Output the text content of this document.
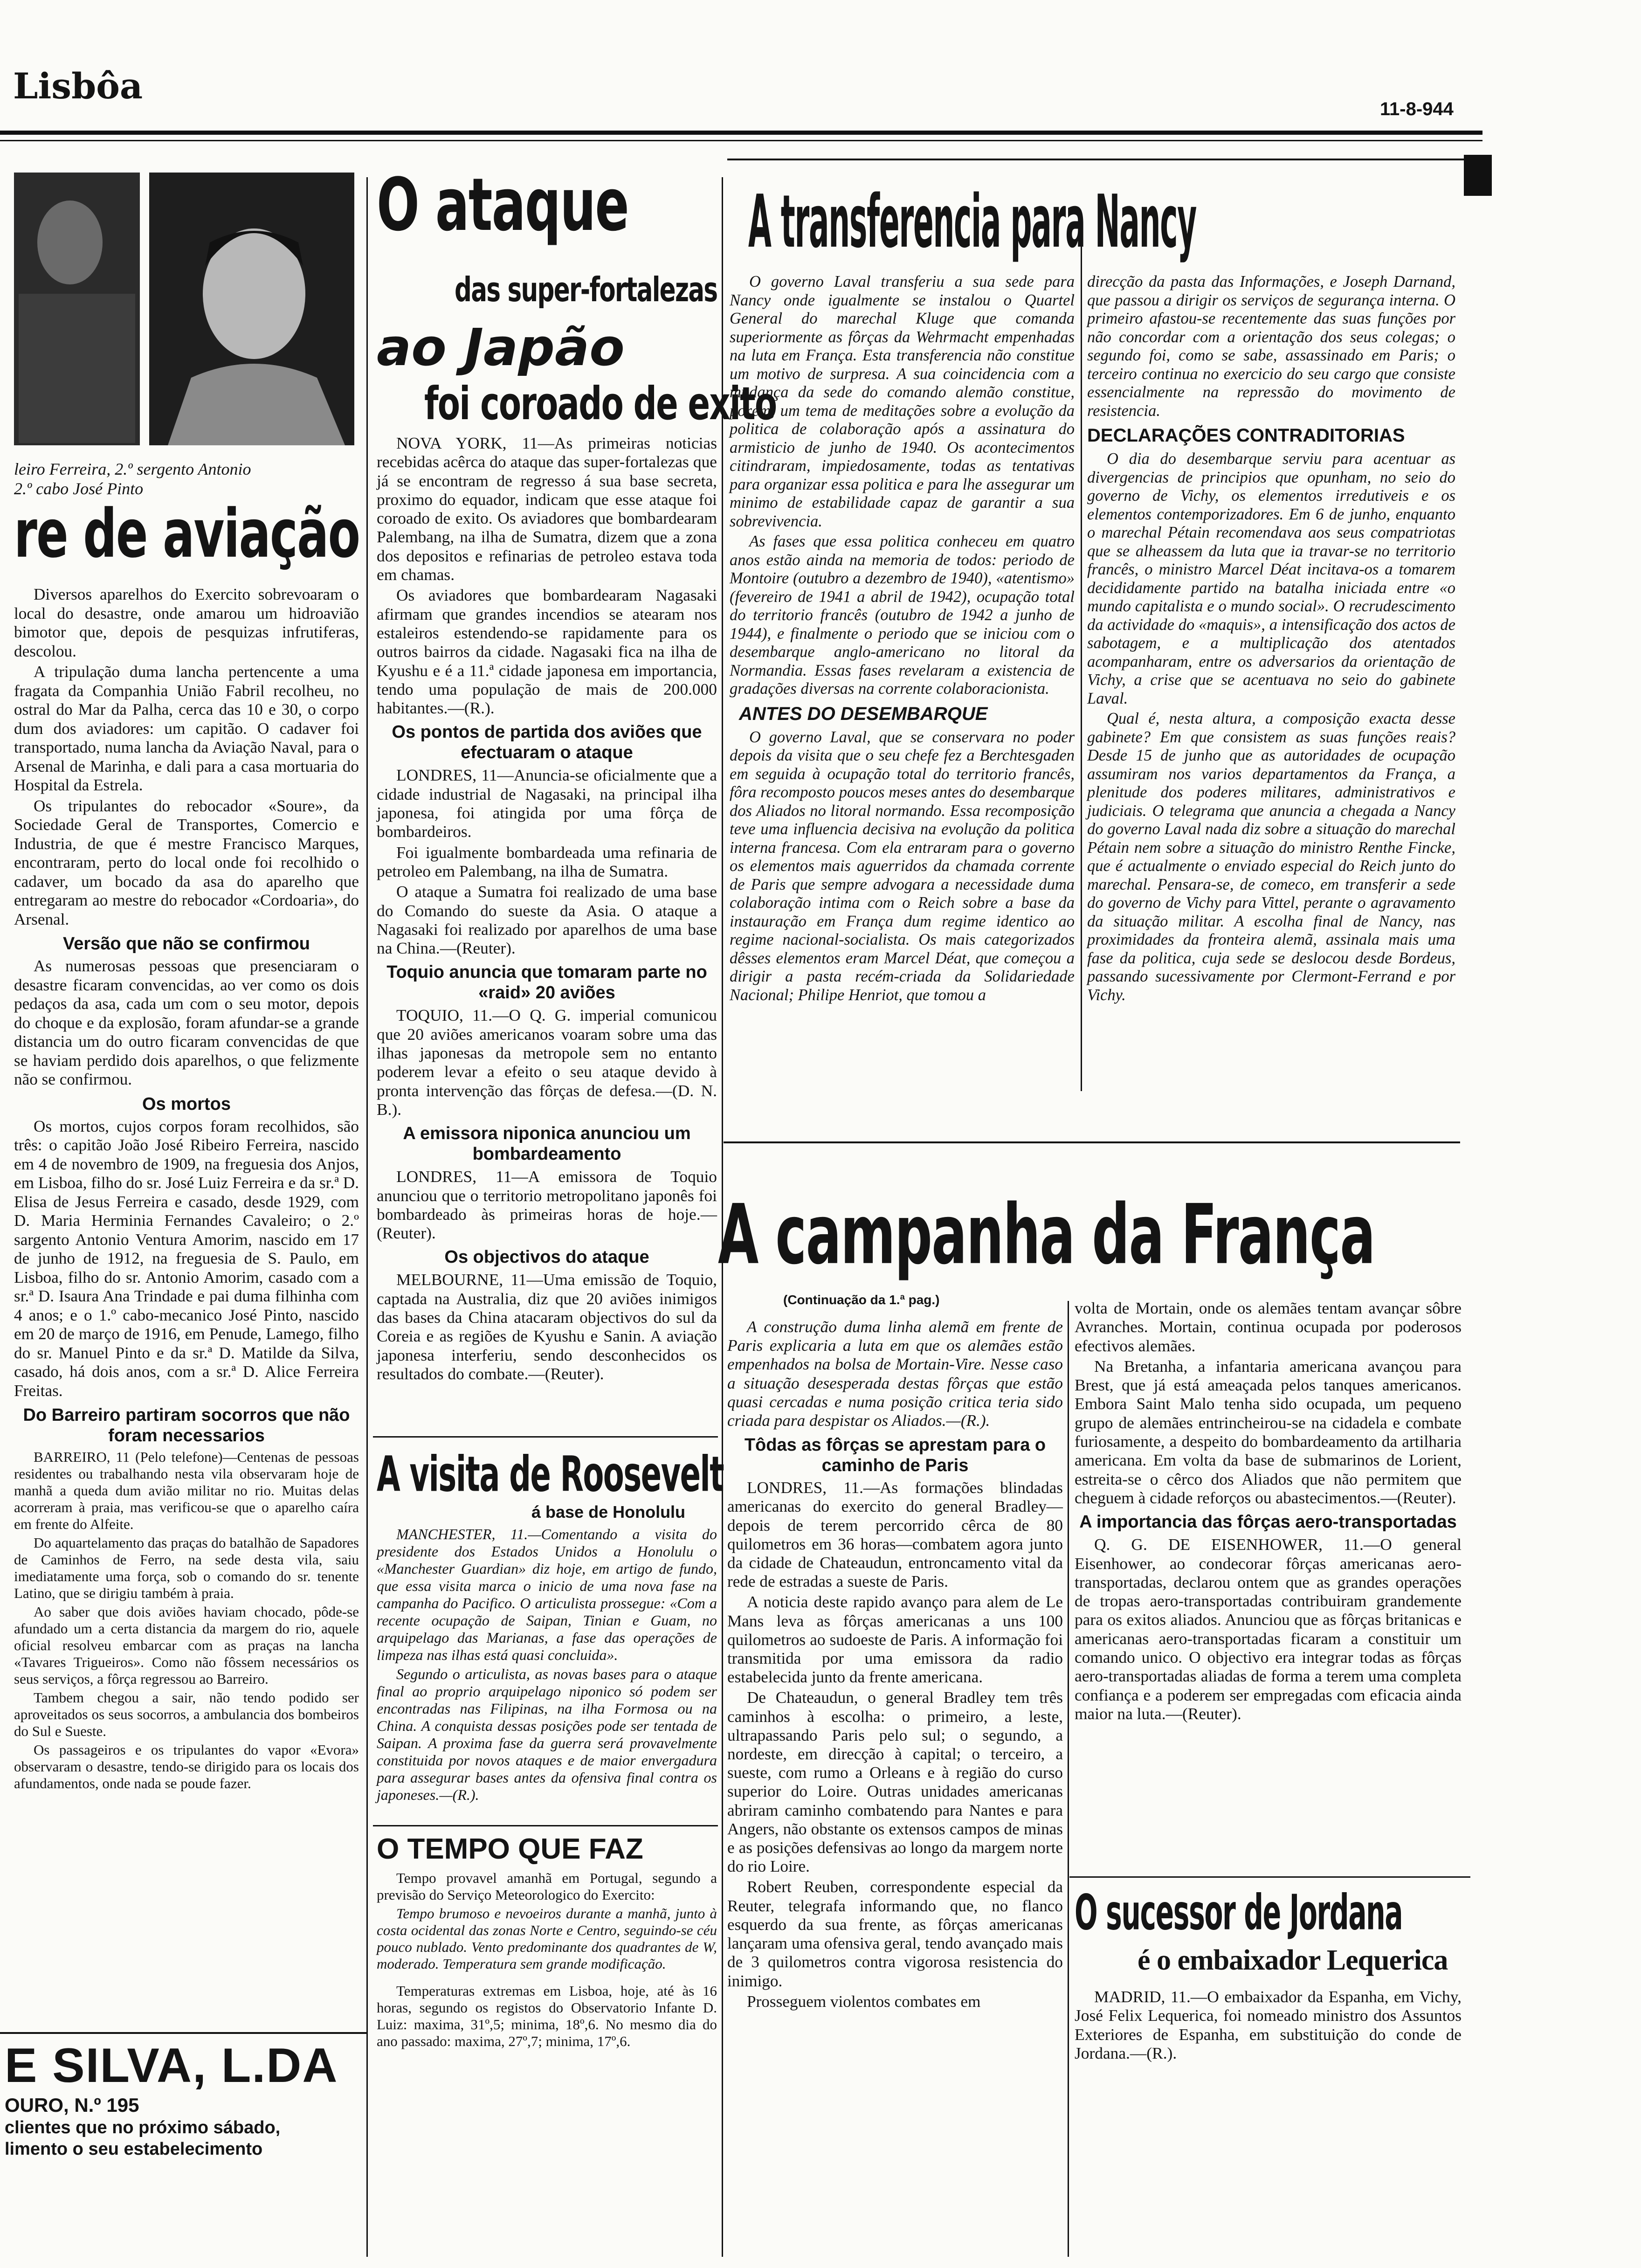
Lisbôa
11-8-944
leiro Ferreira, 2.º sergento Antonio
2.º cabo José Pinto
re de aviação

Diversos aparelhos do Exercito sobrevoaram o local do desastre, onde amarou um hidroavião bimotor que, depois de pesquizas infrutiferas, descolou.

A tripulação duma lancha pertencente a uma fragata da Companhia União Fabril recolheu, no ostral do Mar da Palha, cerca das 10 e 30, o corpo dum dos aviadores: um capitão. O cadaver foi transportado, numa lancha da Aviação Naval, para o Arsenal de Marinha, e dali para a casa mortuaria do Hospital da Estrela.

Os tripulantes do rebocador «Soure», da Sociedade Geral de Transportes, Comercio e Industria, de que é mestre Francisco Marques, encontraram, perto do local onde foi recolhido o cadaver, um bocado da asa do aparelho que entregaram ao mestre do rebocador «Cordoaria», do Arsenal.

Versão que não se confirmou

As numerosas pessoas que presenciaram o desastre ficaram convencidas, ao ver como os dois pedaços da asa, cada um com o seu motor, depois do choque e da explosão, foram afundar-se a grande distancia um do outro ficaram convencidas de que se haviam perdido dois aparelhos, o que felizmente não se confirmou.

Os mortos

Os mortos, cujos corpos foram recolhidos, são três: o capitão João José Ribeiro Ferreira, nascido em 4 de novembro de 1909, na freguesia dos Anjos, em Lisboa, filho do sr. José Luiz Ferreira e da sr.ª D. Elisa de Jesus Ferreira e casado, desde 1929, com D. Maria Herminia Fernandes Cavaleiro; o 2.º sargento Antonio Ventura Amorim, nascido em 17 de junho de 1912, na freguesia de S. Paulo, em Lisboa, filho do sr. Antonio Amorim, casado com a sr.ª D. Isaura Ana Trindade e pai duma filhinha com 4 anos; e o 1.º cabo-mecanico José Pinto, nascido em 20 de março de 1916, em Penude, Lamego, filho do sr. Manuel Pinto e da sr.ª D. Matilde da Silva, casado, há dois anos, com a sr.ª D. Alice Ferreira Freitas.

Do Barreiro partiram socorros que não foram necessarios

BARREIRO, 11 (Pelo telefone)—Centenas de pessoas residentes ou trabalhando nesta vila observaram hoje de manhã a queda dum avião militar no rio. Muitas delas acorreram à praia, mas verificou-se que o aparelho caíra em frente do Alfeite.

Do aquartelamento das praças do batalhão de Sapadores de Caminhos de Ferro, na sede desta vila, saiu imediatamente uma força, sob o comando do sr. tenente Latino, que se dirigiu também à praia.

Ao saber que dois aviões haviam chocado, pôde-se afundado um a certa distancia da margem do rio, aquele oficial resolveu embarcar com as praças na lancha «Tavares Trigueiros». Como não fôssem necessários os seus serviços, a fôrça regressou ao Barreiro.

Tambem chegou a sair, não tendo podido ser aproveitados os seus socorros, a ambulancia dos bombeiros do Sul e Sueste.

Os passageiros e os tripulantes do vapor «Evora» observaram o desastre, tendo-se dirigido para os locais dos afundamentos, onde nada se poude fazer.

E SILVA, L.DA
OURO, N.º 195
clientes que no próximo sábado,
limento o seu estabelecimento
O ataque
das super-fortalezas
ao Japão
foi coroado de exito

NOVA YORK, 11—As primeiras noticias recebidas acêrca do ataque das super-fortalezas que já se encontram de regresso á sua base secreta, proximo do equador, indicam que esse ataque foi coroado de exito. Os aviadores que bombardearam Palembang, na ilha de Sumatra, dizem que a zona dos depositos e refinarias de petroleo estava toda em chamas.

Os aviadores que bombardearam Nagasaki afirmam que grandes incendios se atearam nos estaleiros estendendo-se rapidamente para os outros bairros da cidade. Nagasaki fica na ilha de Kyushu e é a 11.ª cidade japonesa em importancia, tendo uma população de mais de 200.000 habitantes.—(R.).

Os pontos de partida dos aviões que efectuaram o ataque

LONDRES, 11—Anuncia-se oficialmente que a cidade industrial de Nagasaki, na principal ilha japonesa, foi atingida por uma fôrça de bombardeiros.

Foi igualmente bombardeada uma refinaria de petroleo em Palembang, na ilha de Sumatra.

O ataque a Sumatra foi realizado de uma base do Comando do sueste da Asia. O ataque a Nagasaki foi realizado por aparelhos de uma base na China.—(Reuter).

Toquio anuncia que tomaram parte no «raid» 20 aviões

TOQUIO, 11.—O Q. G. imperial comunicou que 20 aviões americanos voaram sobre uma das ilhas japonesas da metropole sem no entanto poderem levar a efeito o seu ataque devido à pronta intervenção das fôrças de defesa.—(D. N. B.).

A emissora niponica anunciou um bombardeamento

LONDRES, 11—A emissora de Toquio anunciou que o territorio metropolitano japonês foi bombardeado às primeiras horas de hoje.—(Reuter).

Os objectivos do ataque

MELBOURNE, 11—Uma emissão de Toquio, captada na Australia, diz que 20 aviões inimigos das bases da China atacaram objectivos do sul da Coreia e as regiões de Kyushu e Sanin. A aviação japonesa interferiu, sendo desconhecidos os resultados do combate.—(Reuter).

A visita de Roosevelt
á base de Honolulu

MANCHESTER, 11.—Comentando a visita do presidente dos Estados Unidos a Honolulu o «Manchester Guardian» diz hoje, em artigo de fundo, que essa visita marca o inicio de uma nova fase na campanha do Pacifico. O articulista prossegue: «Com a recente ocupação de Saipan, Tinian e Guam, no arquipelago das Marianas, a fase das operações de limpeza nas ilhas está quasi concluida».

Segundo o articulista, as novas bases para o ataque final ao proprio arquipelago niponico só podem ser encontradas nas Filipinas, na ilha Formosa ou na China. A conquista dessas posições pode ser tentada de Saipan. A proxima fase da guerra será provavelmente constituida por novos ataques e de maior envergadura para assegurar bases antes da ofensiva final contra os japoneses.—(R.).

O TEMPO QUE FAZ

Tempo provavel amanhã em Portugal, segundo a previsão do Serviço Meteorologico do Exercito:

Tempo brumoso e nevoeiros durante a manhã, junto à costa ocidental das zonas Norte e Centro, seguindo-se céu pouco nublado. Vento predominante dos quadrantes de W, moderado. Temperatura sem grande modificação.

Temperaturas extremas em Lisboa, hoje, até às 16 horas, segundo os registos do Observatorio Infante D. Luiz: maxima, 31º,5; minima, 18º,6. No mesmo dia do ano passado: maxima, 27º,7; minima, 17º,6.

A transferencia para Nancy

O governo Laval transferiu a sua sede para Nancy onde igualmente se instalou o Quartel General do marechal Kluge que comanda superiormente as fôrças da Wehrmacht empenhadas na luta em França. Esta transferencia não constitue um motivo de surpresa. A sua coincidencia com a mudança da sede do comando alemão constitue, porém, um tema de meditações sobre a evolução da politica de colaboração após a assinatura do armisticio de junho de 1940. Os acontecimentos citindraram, impiedosamente, todas as tentativas para organizar essa politica e para lhe assegurar um minimo de estabilidade capaz de garantir a sua sobrevivencia.

As fases que essa politica conheceu em quatro anos estão ainda na memoria de todos: periodo de Montoire (outubro a dezembro de 1940), «atentismo» (fevereiro de 1941 a abril de 1942), ocupação total do territorio francês (outubro de 1942 a junho de 1944), e finalmente o periodo que se iniciou com o desembarque anglo-americano no litoral da Normandia. Essas fases revelaram a existencia de gradações diversas na corrente colaboracionista.

ANTES DO DESEMBARQUE

O governo Laval, que se conservara no poder depois da visita que o seu chefe fez a Berchtesgaden em seguida à ocupação total do territorio francês, fôra recomposto poucos meses antes do desembarque dos Aliados no litoral normando. Essa recomposição teve uma influencia decisiva na evolução da politica interna francesa. Com ela entraram para o governo os elementos mais aguerridos da chamada corrente de Paris que sempre advogara a necessidade duma colaboração intima com o Reich sobre a base da instauração em França dum regime identico ao regime nacional-socialista. Os mais categorizados dêsses elementos eram Marcel Déat, que começou a dirigir a pasta recém-criada da Solidariedade Nacional; Philipe Henriot, que tomou a

direcção da pasta das Informações, e Joseph Darnand, que passou a dirigir os serviços de segurança interna. O primeiro afastou-se recentemente das suas funções por não concordar com a orientação dos seus colegas; o segundo foi, como se sabe, assassinado em Paris; o terceiro continua no exercicio do seu cargo que consiste essencialmente na repressão do movimento de resistencia.

DECLARAÇÕES CONTRADITORIAS

O dia do desembarque serviu para acentuar as divergencias de principios que opunham, no seio do governo de Vichy, os elementos irredutiveis e os elementos contemporizadores. Em 6 de junho, enquanto o marechal Pétain recomendava aos seus compatriotas que se alheassem da luta que ia travar-se no territorio francês, o ministro Marcel Déat incitava-os a tomarem decididamente partido na batalha iniciada entre «o mundo capitalista e o mundo social». O recrudescimento da actividade do «maquis», a intensificação dos actos de sabotagem, e a multiplicação dos atentados acompanharam, entre os adversarios da orientação de Vichy, a crise que se acentuava no seio do gabinete Laval.

Qual é, nesta altura, a composição exacta desse gabinete? Em que consistem as suas funções reais? Desde 15 de junho que as autoridades de ocupação assumiram nos varios departamentos da França, a plenitude dos poderes militares, administrativos e judiciais. O telegrama que anuncia a chegada a Nancy do governo Laval nada diz sobre a situação do marechal Pétain nem sobre a situação do ministro Renthe Fincke, que é actualmente o enviado especial do Reich junto do marechal. Pensara-se, de comeco, em transferir a sede do governo de Vichy para Vittel, perante o agravamento da situação militar. A escolha final de Nancy, nas proximidades da fronteira alemã, assinala mais uma fase da politica, cuja sede se deslocou desde Bordeus, passando sucessivamente por Clermont-Ferrand e por Vichy.

A campanha da França
(Continuação da 1.ª pag.)

A construção duma linha alemã em frente de Paris explicaria a luta em que os alemães estão empenhados na bolsa de Mortain-Vire. Nesse caso a situação desesperada destas fôrças que estão quasi cercadas e numa posição critica teria sido criada para despistar os Aliados.—(R.).

Tôdas as fôrças se aprestam para o caminho de Paris

LONDRES, 11.—As formações blindadas americanas do exercito do general Bradley—depois de terem percorrido cêrca de 80 quilometros em 36 horas—combatem agora junto da cidade de Chateaudun, entroncamento vital da rede de estradas a sueste de Paris.

A noticia deste rapido avanço para alem de Le Mans leva as fôrças americanas a uns 100 quilometros ao sudoeste de Paris. A informação foi transmitida por uma emissora da radio estabelecida junto da frente americana.

De Chateaudun, o general Bradley tem três caminhos à escolha: o primeiro, a leste, ultrapassando Paris pelo sul; o segundo, a nordeste, em direcção à capital; o terceiro, a sueste, com rumo a Orleans e à região do curso superior do Loire. Outras unidades americanas abriram caminho combatendo para Nantes e para Angers, não obstante os extensos campos de minas e as posições defensivas ao longo da margem norte do rio Loire.

Robert Reuben, correspondente especial da Reuter, telegrafa informando que, no flanco esquerdo da sua frente, as fôrças americanas lançaram uma ofensiva geral, tendo avançado mais de 3 quilometros contra vigorosa resistencia do inimigo.

Prosseguem violentos combates em

volta de Mortain, onde os alemães tentam avançar sôbre Avranches. Mortain, continua ocupada por poderosos efectivos alemães.

Na Bretanha, a infantaria americana avançou para Brest, que já está ameaçada pelos tanques americanos. Embora Saint Malo tenha sido ocupada, um pequeno grupo de alemães entrincheirou-se na cidadela e combate furiosamente, a despeito do bombardeamento da artilharia americana. Em volta da base de submarinos de Lorient, estreita-se o cêrco dos Aliados que não permitem que cheguem à cidade reforços ou abastecimentos.—(Reuter).

A importancia das fôrças aero-transportadas

Q. G. DE EISENHOWER, 11.—O general Eisenhower, ao condecorar fôrças americanas aero-transportadas, declarou ontem que as grandes operações de tropas aero-transportadas contribuiram grandemente para os exitos aliados. Anunciou que as fôrças britanicas e americanas aero-transportadas ficaram a constituir um comando unico. O objectivo era integrar todas as fôrças aero-transportadas aliadas de forma a terem uma completa confiança e a poderem ser empregadas com eficacia ainda maior na luta.—(Reuter).

O sucessor de Jordana
é o embaixador Lequerica

MADRID, 11.—O embaixador da Espanha, em Vichy, José Felix Lequerica, foi nomeado ministro dos Assuntos Exteriores de Espanha, em substituição do conde de Jordana.—(R.).
